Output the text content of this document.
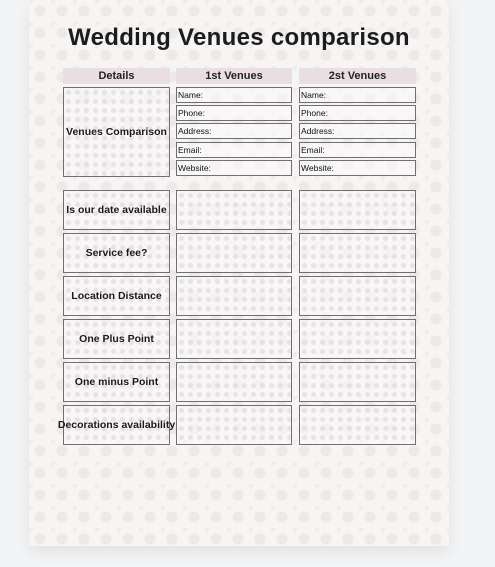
Wedding Venues comparison
Details	1st Venues	2st Venues
Venues Comparison
Name:
Phone:
Address:
Email:
Website:
Name:
Phone:
Address:
Email:
Website:
Is our date available
Service fee?
Location Distance
One Plus Point
One minus Point
Decorations availability
